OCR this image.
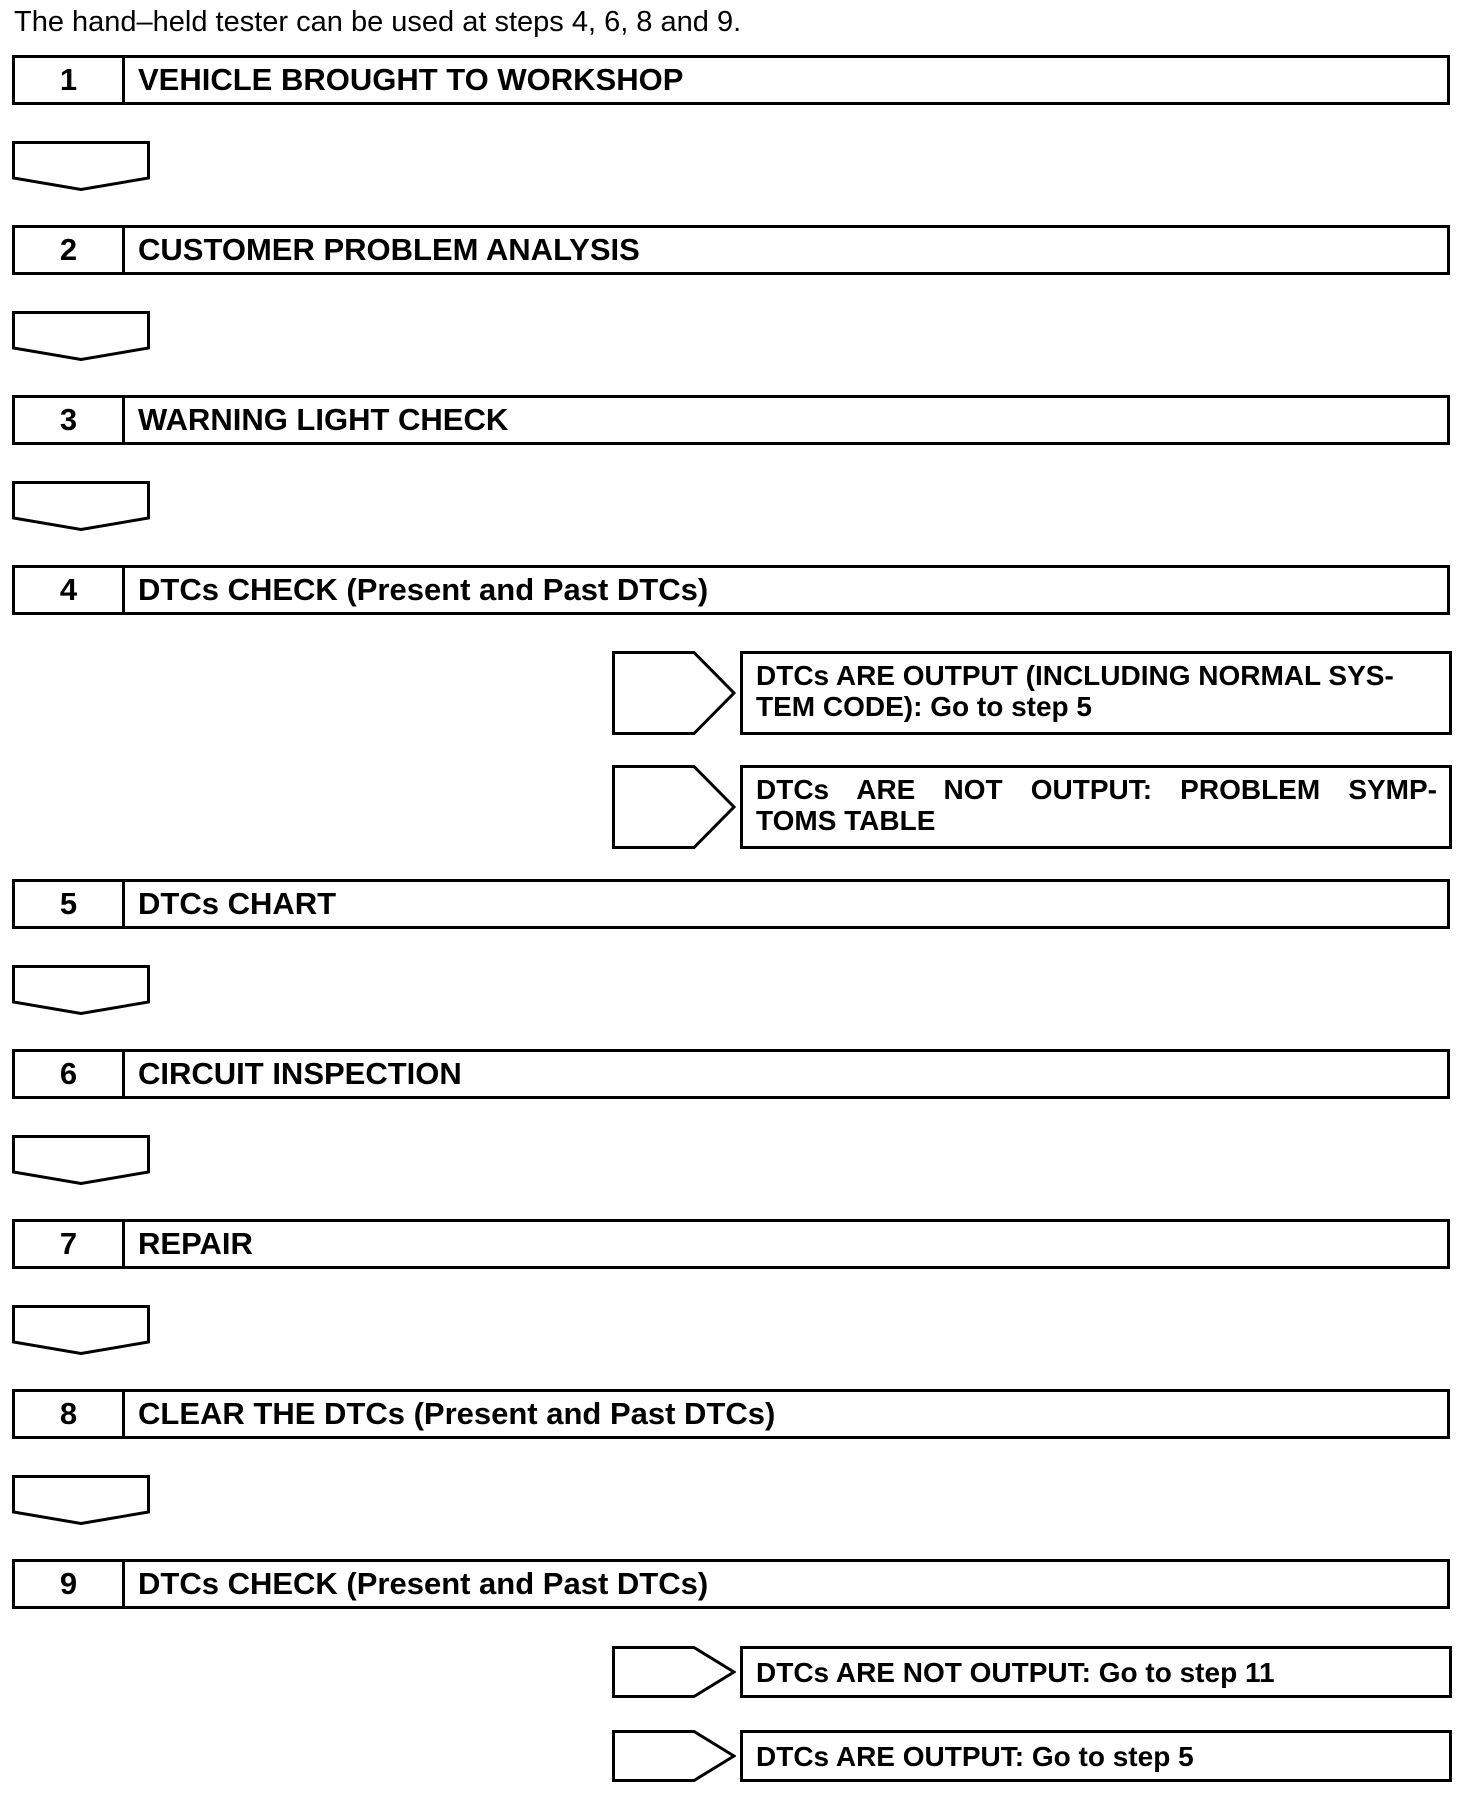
The hand–held tester can be used at steps 4, 6, 8 and 9.
1	VEHICLE BROUGHT TO WORKSHOP
2	CUSTOMER PROBLEM ANALYSIS
3	WARNING LIGHT CHECK
4	DTCs CHECK (Present and Past DTCs)
DTCs ARE OUTPUT (INCLUDING NORMAL SYS-
TEM CODE): Go to step 5
DTCs ARE NOT OUTPUT: PROBLEM SYMP-
TOMS TABLE
5	DTCs CHART
6	CIRCUIT INSPECTION
7	REPAIR
8	CLEAR THE DTCs (Present and Past DTCs)
9	DTCs CHECK (Present and Past DTCs)
DTCs ARE NOT OUTPUT: Go to step 11
DTCs ARE OUTPUT: Go to step 5
